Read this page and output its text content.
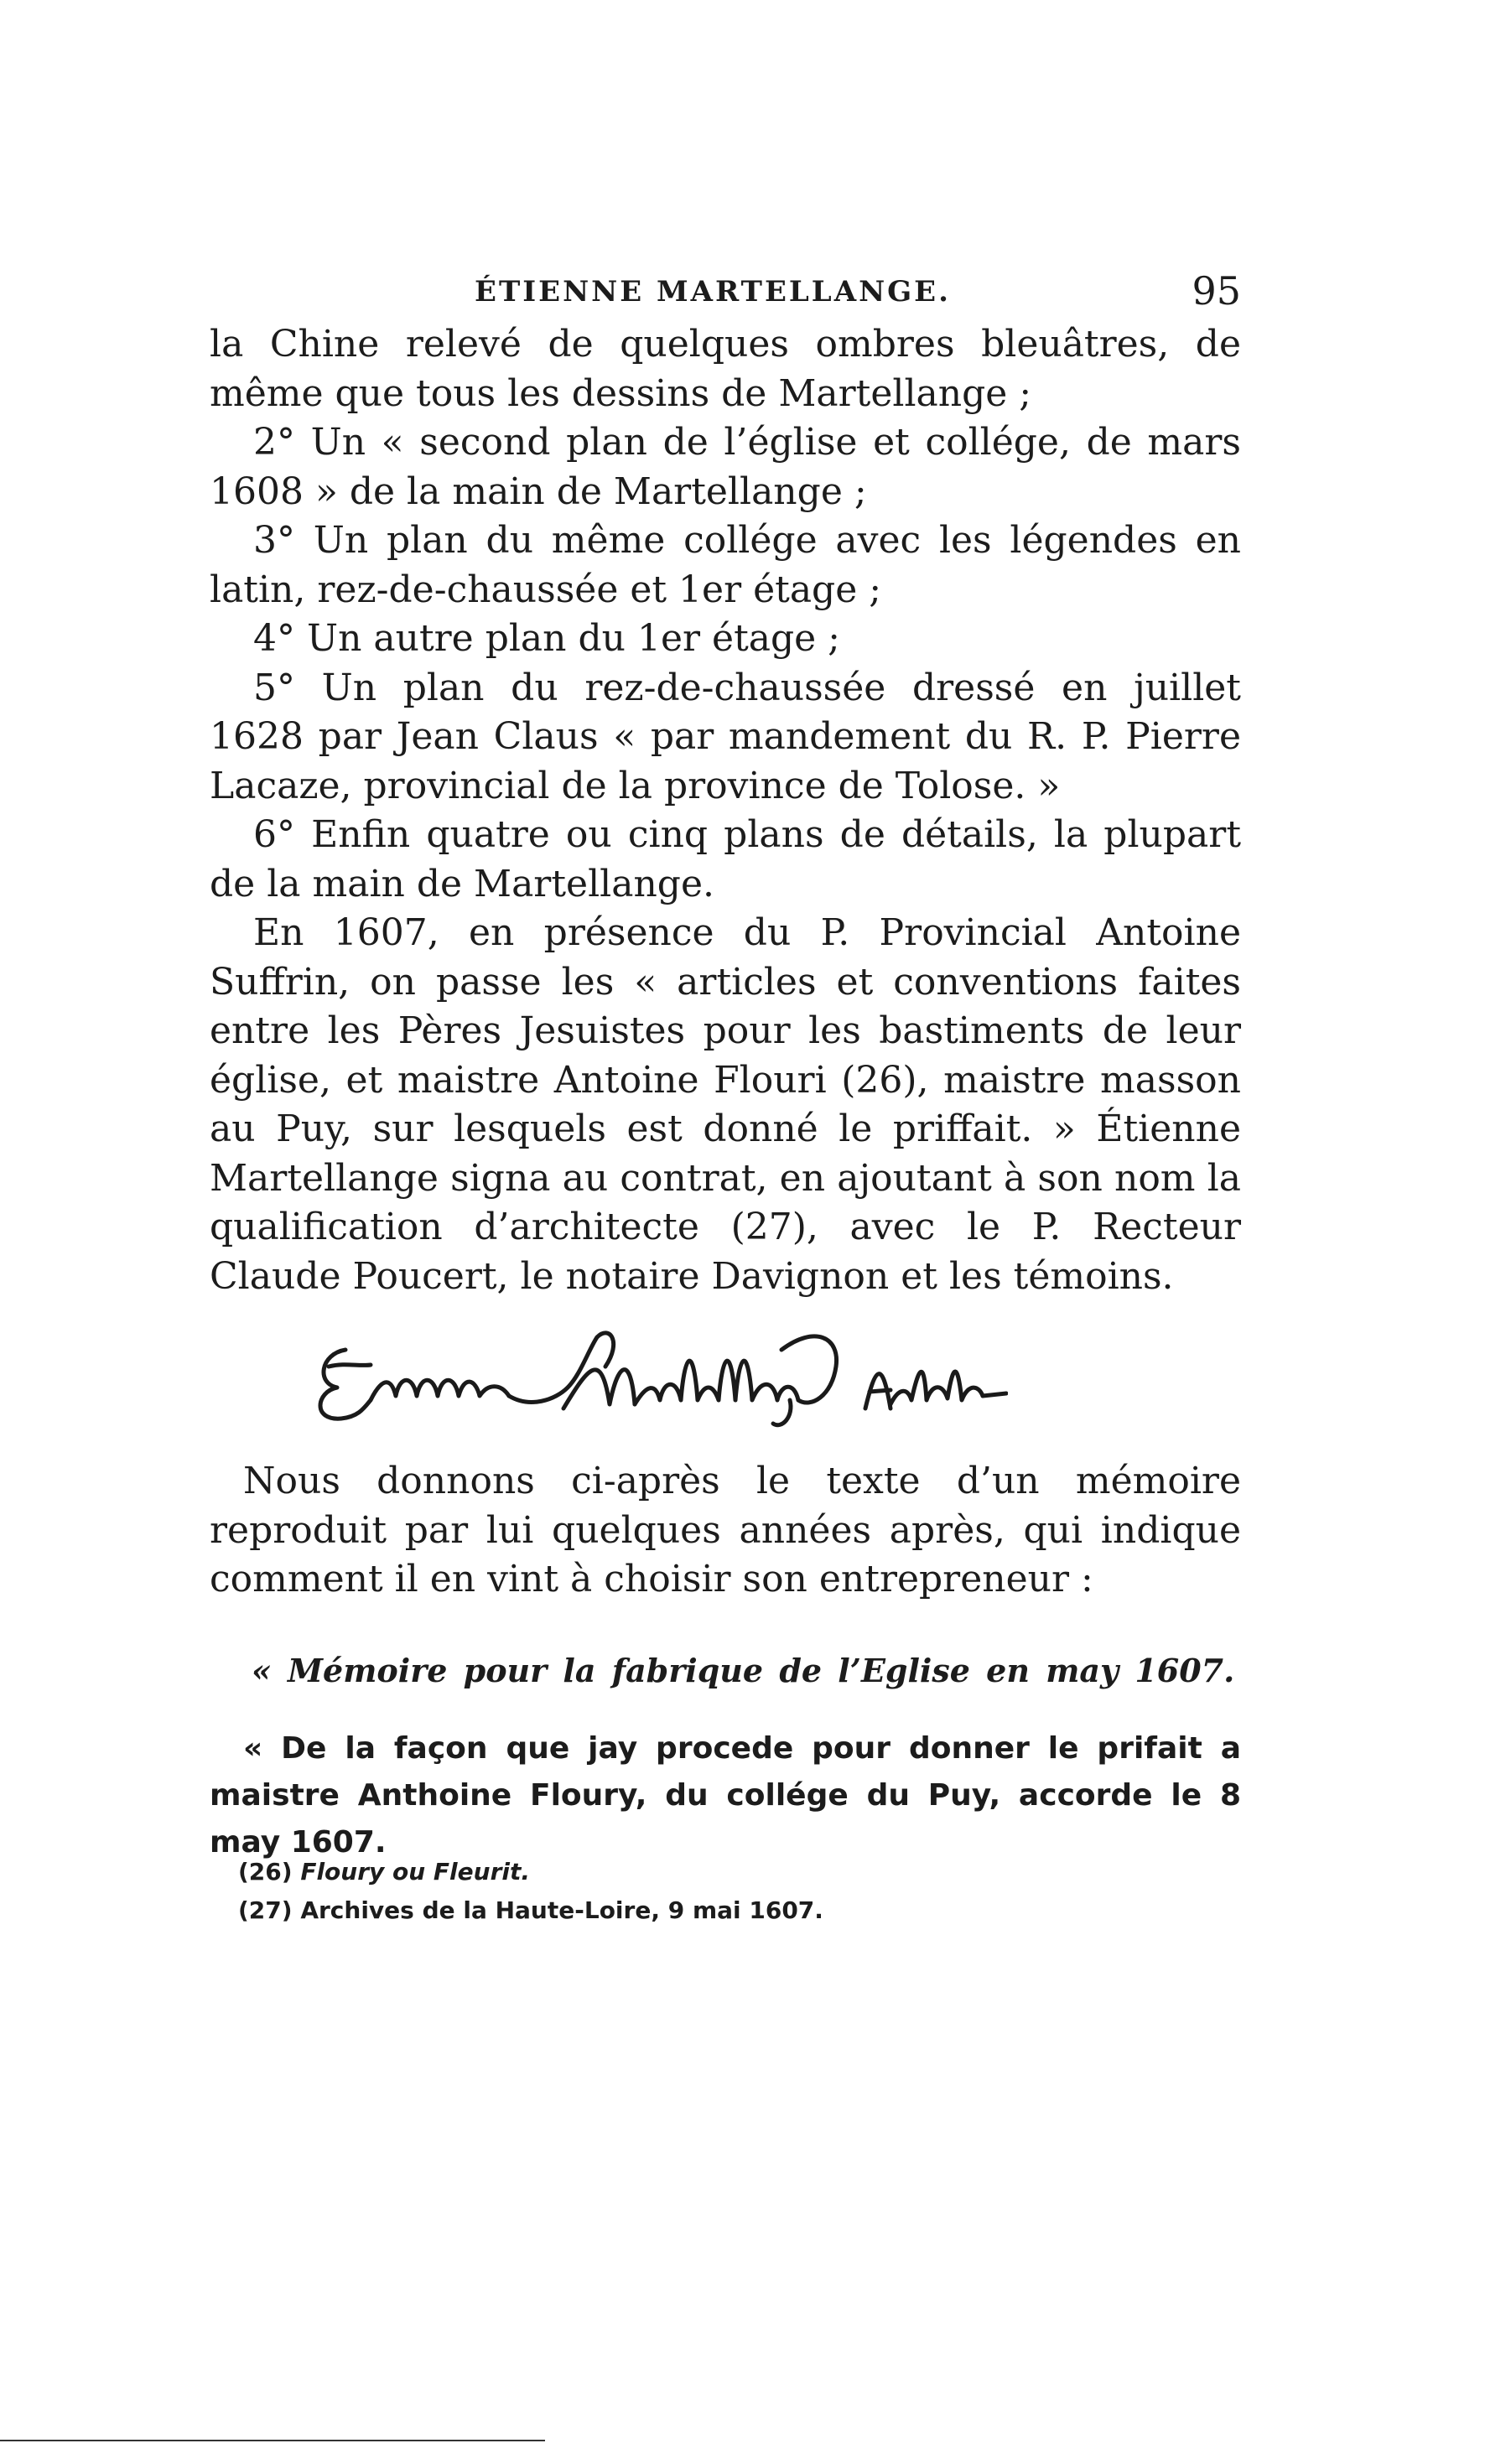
ÉTIENNE MARTELLANGE.	95

la Chine relevé de quelques ombres bleuâtres, de même que tous les dessins de Martellange ;

2° Un « second plan de l’église et collége, de mars 1608 » de la main de Martellange ;

3° Un plan du même collége avec les légendes en latin, rez-de-chaussée et 1er étage ;

4° Un autre plan du 1er étage ;

5° Un plan du rez-de-chaussée dressé en juillet 1628 par Jean Claus « par mandement du R. P. Pierre Lacaze, provincial de la province de Tolose. »

6° Enfin quatre ou cinq plans de détails, la plupart de la main de Martellange.

En 1607, en présence du P. Provincial Antoine Suffrin, on passe les « articles et conventions faites entre les Pères Jesuistes pour les bastiments de leur église, et maistre Antoine Flouri (26), maistre masson au Puy, sur lesquels est donné le priffait. » Étienne Martellange signa au contrat, en ajoutant à son nom la qualification d’architecte (27), avec le P. Recteur Claude Poucert, le notaire Davignon et les témoins.

Nous donnons ci-après le texte d’un mémoire reproduit par lui quelques années après, qui indique comment il en vint à choisir son entrepreneur :

« Mémoire pour la fabrique de l’Eglise en may 1607.

« De la façon que jay procede pour donner le prifait a maistre Anthoine Floury, du collége du Puy, accorde le 8 may 1607.

(26) Floury ou Fleurit.

(27) Archives de la Haute-Loire, 9 mai 1607.
